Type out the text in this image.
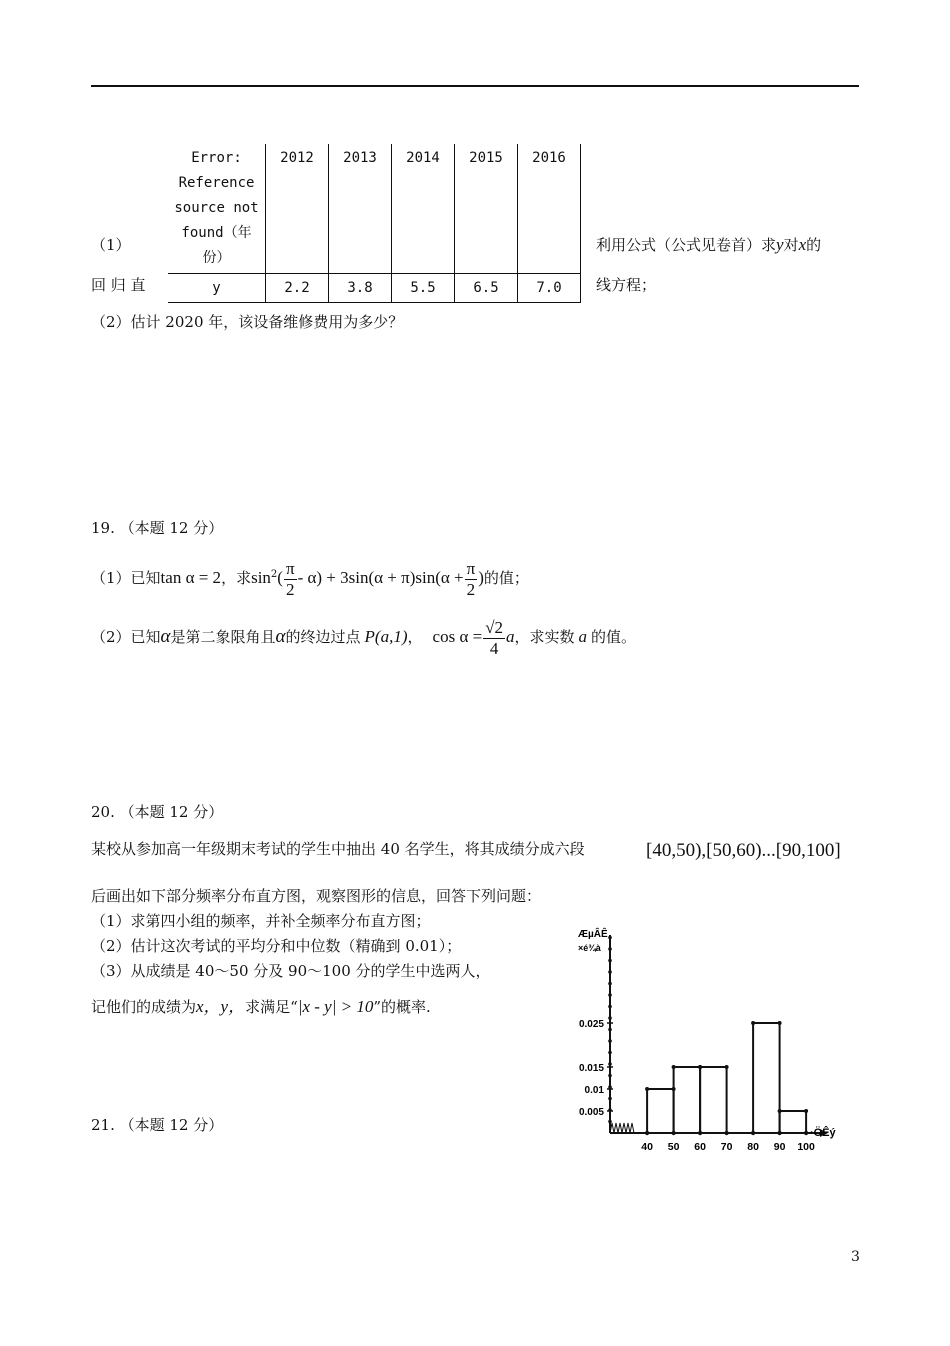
Error: Reference source not found（年份）	2012	2013	2014	2015	2016
y	2.2	3.8	5.5	6.5	7.0
（1）
回 归 直
利用公式（公式见卷首）求y对x的
线方程；
（2）估计 2020 年，该设备维修费用为多少？
19. （本题 12 分）
（1）已知tan α = 2，求$\sin^2( \frac{\pi}{2} - \alpha) + 3\sin(\alpha + \pi)\sin(\alpha + \frac{\pi}{2}$ )的值；
（2）已知α是第二象限角且α的终边过点 P(a,1)， $\cos \alpha = \frac{√2}{4}$ a，求实数 a 的值。
20. （本题 12 分）
某校从参加高一年级期末考试的学生中抽出 40 名学生，将其成绩分成六段	[40,50),[50,60)...[90,100]
后画出如下部分频率分布直方图，观察图形的信息，回答下列问题：
（1）求第四小组的频率，并补全频率分布直方图；
（2）估计这次考试的平均分和中位数（精确到 0.01）；
（3）从成绩是 40～50 分及 90～100 分的学生中选两人，
记他们的成绩为x，y，求满足“|x - y| > 10”的概率.
ÆµÂÊ
×é¾à
0.005
0.01
0.015
0.025
40 50 60 70 80 90 100
·ÖÊý
21. （本题 12 分）
3
